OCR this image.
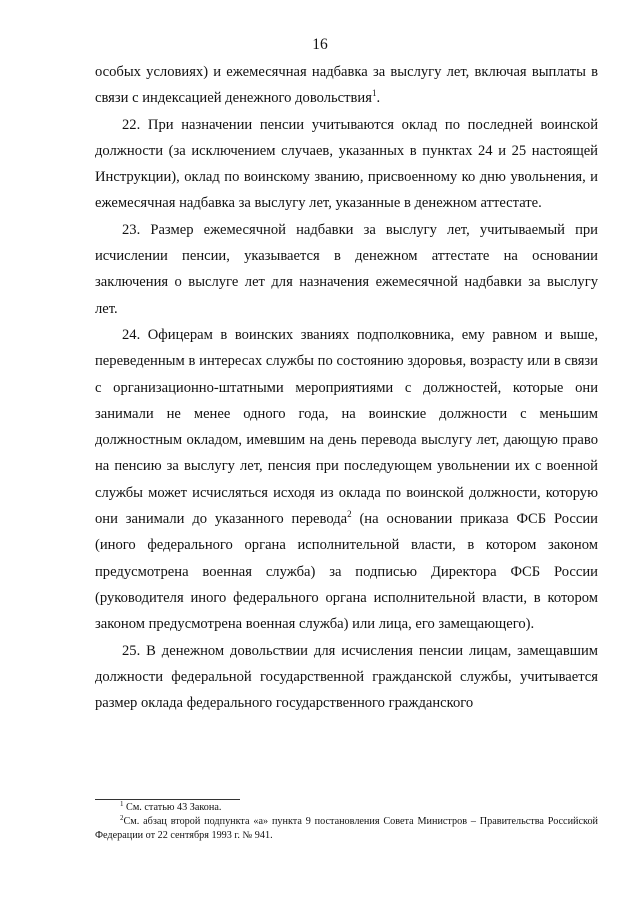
16

особых условиях) и ежемесячная надбавка за выслугу лет, включая выплаты в связи с индексацией денежного довольствия$^1$.

22. При назначении пенсии учитываются оклад по последней воинской должности (за исключением случаев, указанных в пунктах 24 и 25 настоящей Инструкции), оклад по воинскому званию, присвоенному ко дню увольнения, и ежемесячная надбавка за выслугу лет, указанные в денежном аттестате.

23. Размер ежемесячной надбавки за выслугу лет, учитываемый при исчислении пенсии, указывается в денежном аттестате на основании заключения о выслуге лет для назначения ежемесячной надбавки за выслугу лет.

24. Офицерам в воинских званиях подполковника, ему равном и выше, переведенным в интересах службы по состоянию здоровья, возрасту или в связи с организационно-штатными мероприятиями с должностей, которые они занимали не менее одного года, на воинские должности с меньшим должностным окладом, имевшим на день перевода выслугу лет, дающую право на пенсию за выслугу лет, пенсия при последующем увольнении их с военной службы может исчисляться исходя из оклада по воинской должности, которую они занимали до указанного перевода$^2$ (на основании приказа ФСБ России (иного федерального органа исполнительной власти, в котором законом предусмотрена военная служба) за подписью Директора ФСБ России (руководителя иного федерального органа исполнительной власти, в котором законом предусмотрена военная служба) или лица, его замещающего).

25. В денежном довольствии для исчисления пенсии лицам, замещавшим должности федеральной государственной гражданской службы, учитывается размер оклада федерального государственного гражданского

$^1$ См. статью 43 Закона.
$^2$См. абзац второй подпункта «а» пункта 9 постановления Совета Министров – Правительства Российской Федерации от 22 сентября 1993 г. № 941.
